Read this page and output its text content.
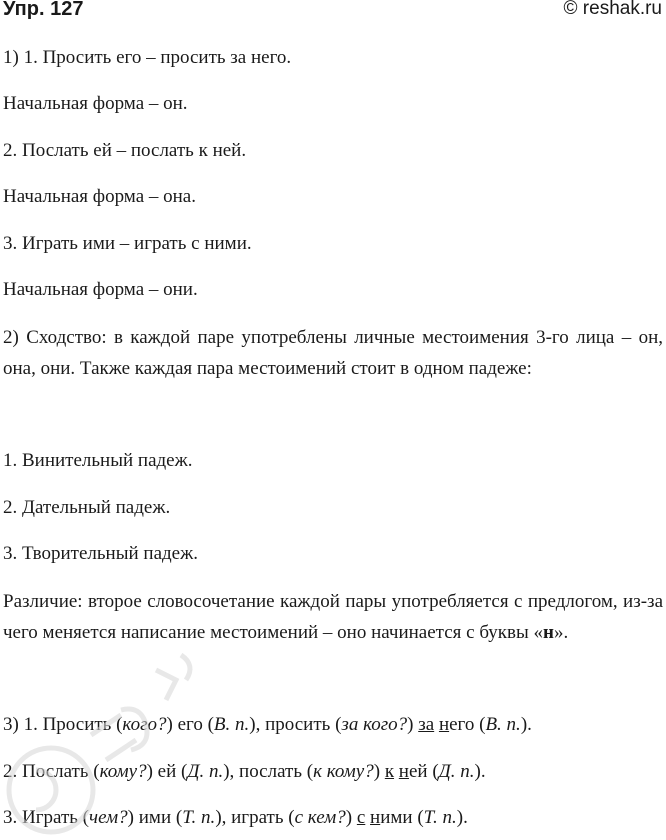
Упр. 127	© reshak.ru
1) 1. Просить его – просить за него.
Начальная форма – он.
2. Послать ей – послать к ней.
Начальная форма – она.
3. Играть ими – играть с ними.
Начальная форма – они.
2) Сходство: в каждой паре употреблены личные местоимения 3-го лица – он, она, они. Также каждая пара местоимений стоит в одном падеже:
1. Винительный падеж.
2. Дательный падеж.
3. Творительный падеж.
Различие: второе словосочетание каждой пары употребляется с предлогом, из-за чего меняется написание местоимений – оно начинается с буквы «н».
3) 1. Просить (кого?) его (В. п.), просить (за кого?) за него (В. п.).
2. Послать (кому?) ей (Д. п.), послать (к кому?) к ней (Д. п.).
3. Играть (чем?) ими (Т. п.), играть (с кем?) с ними (Т. п.).
